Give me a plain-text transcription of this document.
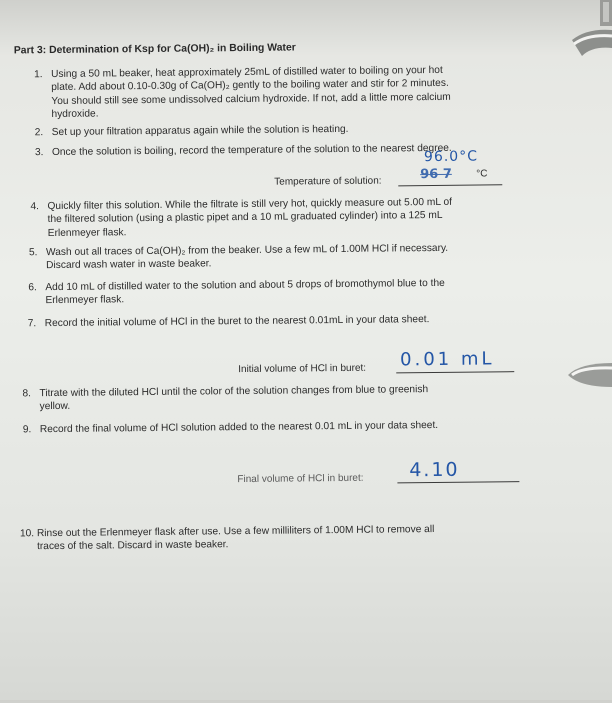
Part 3: Determination of Ksp for Ca(OH)₂ in Boiling Water
1. Using a 50 mL beaker, heat approximately 25mL of distilled water to boiling on your hot
plate. Add about 0.10-0.30g of Ca(OH)₂ gently to the boiling water and stir for 2 minutes.
You should still see some undissolved calcium hydroxide. If not, add a little more calcium
hydroxide.
2. Set up your filtration apparatus again while the solution is heating.
3. Once the solution is boiling, record the temperature of the solution to the nearest degree.
Temperature of solution:
°C
96.0°C
96 7
4. Quickly filter this solution. While the filtrate is still very hot, quickly measure out 5.00 mL of
the filtered solution (using a plastic pipet and a 10 mL graduated cylinder) into a 125 mL
Erlenmeyer flask.
5. Wash out all traces of Ca(OH)₂ from the beaker. Use a few mL of 1.00M HCl if necessary.
Discard wash water in waste beaker.
6. Add 10 mL of distilled water to the solution and about 5 drops of bromothymol blue to the
Erlenmeyer flask.
7. Record the initial volume of HCl in the buret to the nearest 0.01mL in your data sheet.
Initial volume of HCl in buret: 0.01 mL
8. Titrate with the diluted HCl until the color of the solution changes from blue to greenish
yellow.
9. Record the final volume of HCl solution added to the nearest 0.01 mL in your data sheet.
Final volume of HCl in buret: 4.10
10. Rinse out the Erlenmeyer flask after use. Use a few milliliters of 1.00M HCl to remove all
traces of the salt. Discard in waste beaker.
